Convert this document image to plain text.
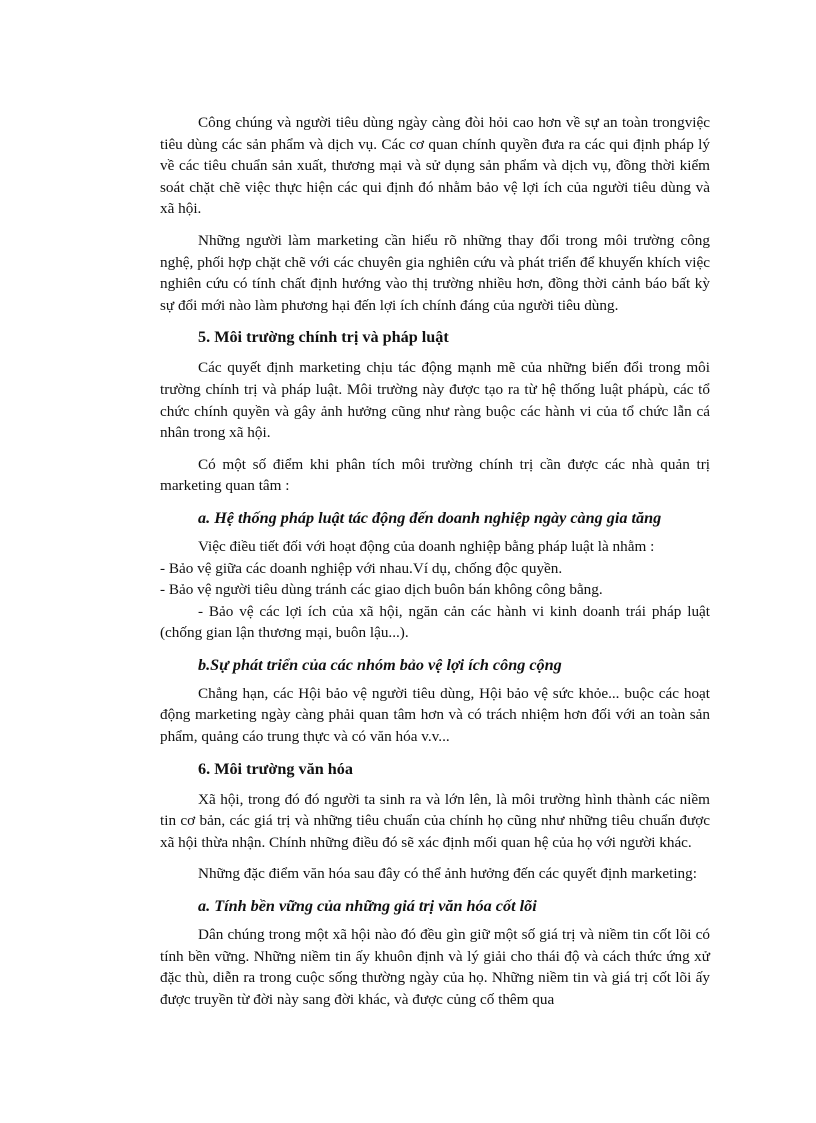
Công chúng và người tiêu dùng ngày càng đòi hỏi cao hơn về sự an toàn trongviệc tiêu dùng các sản phẩm và dịch vụ. Các cơ quan chính quyền đưa ra các qui định pháp lý về các tiêu chuẩn sản xuất, thương mại và sử dụng sản phẩm và dịch vụ, đồng thời kiểm soát chặt chẽ việc thực hiện các qui định đó nhằm bảo vệ lợi ích của người tiêu dùng và xã hội.

Những người làm marketing cần hiểu rõ những thay đổi trong môi trường công nghệ, phối hợp chặt chẽ với các chuyên gia nghiên cứu và phát triển để khuyến khích việc nghiên cứu có tính chất định hướng vào thị trường nhiều hơn, đồng thời cảnh báo bất kỳ sự đổi mới nào làm phương hại đến lợi ích chính đáng của người tiêu dùng.

5. Môi trường chính trị và pháp luật

Các quyết định marketing chịu tác động mạnh mẽ của những biến đổi trong môi trường chính trị và pháp luật. Môi trường này được tạo ra từ hệ thống luật phápù, các tổ chức chính quyền và gây ảnh hưởng cũng như ràng buộc các hành vi của tổ chức lẫn cá nhân trong xã hội.

Có một số điểm khi phân tích môi trường chính trị cần được các nhà quản trị marketing quan tâm :

a. Hệ thống pháp luật tác động đến doanh nghiệp ngày càng gia tăng

Việc điều tiết đối với hoạt động của doanh nghiệp bằng pháp luật là nhằm :

- Bảo vệ giữa các doanh nghiệp với nhau.Ví dụ, chống độc quyền.

- Bảo vệ người tiêu dùng tránh các giao dịch buôn bán không công bằng.

- Bảo vệ các lợi ích của xã hội, ngăn cản các hành vi kinh doanh trái pháp luật (chống gian lận thương mại, buôn lậu...).

b.Sự phát triển của các nhóm bảo vệ lợi ích công cộng

Chẳng hạn, các Hội bảo vệ người tiêu dùng, Hội bảo vệ sức khỏe... buộc các hoạt động marketing ngày càng phải quan tâm hơn và có trách nhiệm hơn đối với an toàn sản phẩm, quảng cáo trung thực và có văn hóa v.v...

6. Môi trường văn hóa

Xã hội, trong đó đó người ta sinh ra và lớn lên, là môi trường hình thành các niềm tin cơ bản, các giá trị và những tiêu chuẩn của chính họ cũng như những tiêu chuẩn được xã hội thừa nhận. Chính những điều đó sẽ xác định mối quan hệ của họ với người khác.

Những đặc điểm văn hóa sau đây có thể ảnh hưởng đến các quyết định marketing:

a. Tính bền vững của những giá trị văn hóa cốt lõi

Dân chúng trong một xã hội nào đó đều gìn giữ một số giá trị và niềm tin cốt lõi có tính bền vững. Những niềm tin ấy khuôn định và lý giải cho thái độ và cách thức ứng xử đặc thù, diễn ra trong cuộc sống thường ngày của họ. Những niềm tin và giá trị cốt lõi ấy được truyền từ đời này sang đời khác, và được củng cố thêm qua
